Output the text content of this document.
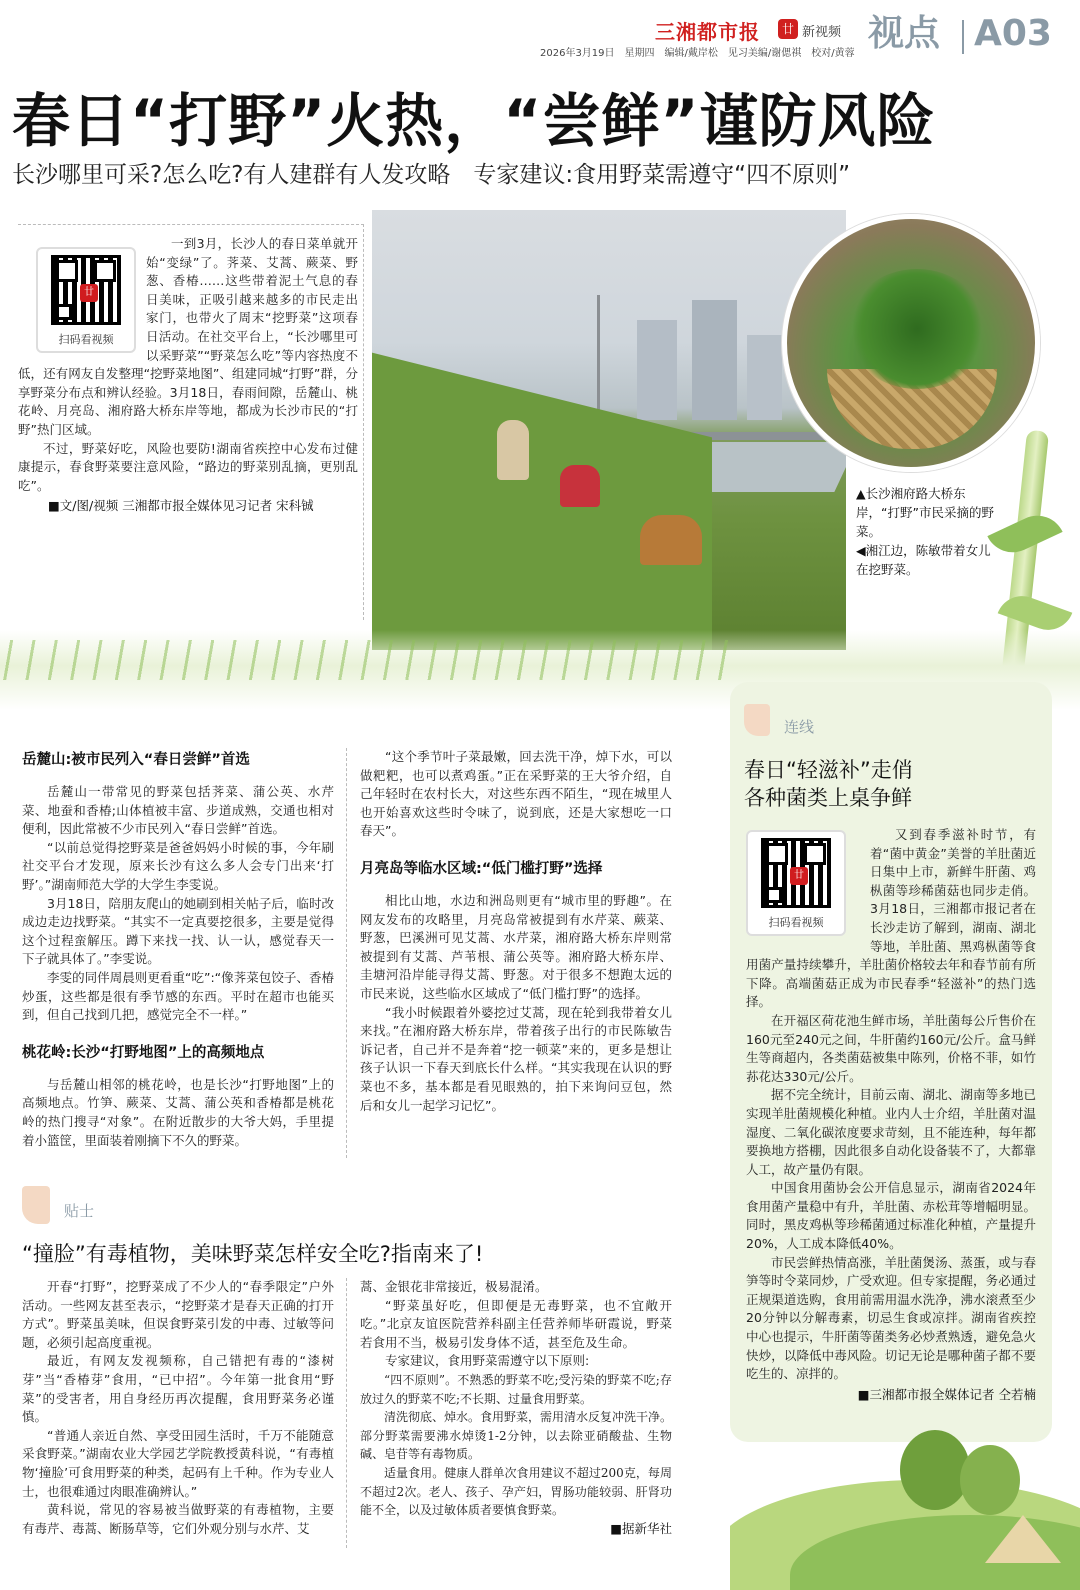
三湘都市报	廿 新视频
2026年3月19日　星期四　编辑/戴岸松　见习美编/谢偲祺　校对/黄蓉 视点 A03
春日“打野”火热，“尝鲜”谨防风险
长沙哪里可采?怎么吃?有人建群有人发攻略　专家建议:食用野菜需遵守“四不原则”
廿
扫码看视频

一到3月，长沙人的春日菜单就开始“变绿”了。荠菜、艾蒿、蕨菜、野葱、香椿……这些带着泥土气息的春日美味，正吸引越来越多的市民走出家门，也带火了周末“挖野菜”这项春日活动。在社交平台上，“长沙哪里可以采野菜”“野菜怎么吃”等内容热度不低，还有网友自发整理“挖野菜地图”、组建同城“打野”群，分享野菜分布点和辨认经验。3月18日，春雨间隙，岳麓山、桃花岭、月亮岛、湘府路大桥东岸等地，都成为长沙市民的“打野”热门区域。

不过，野菜好吃，风险也要防!湖南省疾控中心发布过健康提示，春食野菜要注意风险，“路边的野菜别乱摘，更别乱吃”。

■文/图/视频 三湘都市报全媒体见习记者 宋科铖
▲长沙湘府路大桥东岸，“打野”市民采摘的野菜。
◀湘江边，陈敏带着女儿在挖野菜。
岳麓山:被市民列入“春日尝鲜”首选

岳麓山一带常见的野菜包括荠菜、蒲公英、水芹菜、地蚕和香椿;山体植被丰富、步道成熟，交通也相对便利，因此常被不少市民列入“春日尝鲜”首选。

“以前总觉得挖野菜是爸爸妈妈小时候的事，今年刷社交平台才发现，原来长沙有这么多人会专门出来‘打野’。”湖南师范大学的大学生李雯说。

3月18日，陪朋友爬山的她刷到相关帖子后，临时改成边走边找野菜。“其实不一定真要挖很多，主要是觉得这个过程蛮解压。蹲下来找一找、认一认，感觉春天一下子就具体了。”李雯说。

李雯的同伴周晨则更看重“吃”:“像荠菜包饺子、香椿炒蛋，这些都是很有季节感的东西。平时在超市也能买到，但自己找到几把，感觉完全不一样。”

桃花岭:长沙“打野地图”上的高频地点

与岳麓山相邻的桃花岭，也是长沙“打野地图”上的高频地点。竹笋、蕨菜、艾蒿、蒲公英和香椿都是桃花岭的热门搜寻“对象”。在附近散步的大爷大妈，手里提着小篮筐，里面装着刚摘下不久的野菜。

“这个季节叶子菜最嫩，回去洗干净，焯下水，可以做粑粑，也可以煮鸡蛋。”正在采野菜的王大爷介绍，自己年轻时在农村长大，对这些东西不陌生，“现在城里人也开始喜欢这些时令味了，说到底，还是大家想吃一口春天”。

月亮岛等临水区域:“低门槛打野”选择

相比山地，水边和洲岛则更有“城市里的野趣”。在网友发布的攻略里，月亮岛常被提到有水芹菜、蕨菜、野葱，巴溪洲可见艾蒿、水芹菜，湘府路大桥东岸则常被提到有艾蒿、芦苇根、蒲公英等。湘府路大桥东岸、圭塘河沿岸能寻得艾蒿、野葱。对于很多不想跑太远的市民来说，这些临水区域成了“低门槛打野”的选择。

“我小时候跟着外婆挖过艾蒿，现在轮到我带着女儿来找。”在湘府路大桥东岸，带着孩子出行的市民陈敏告诉记者，自己并不是奔着“挖一顿菜”来的，更多是想让孩子认识一下春天到底长什么样。“其实我现在认识的野菜也不多，基本都是看见眼熟的，拍下来询问豆包，然后和女儿一起学习记忆”。

连线
春日“轻滋补”走俏
各种菌类上桌争鲜
廿
扫码看视频

又到春季滋补时节，有着“菌中黄金”美誉的羊肚菌近日集中上市，新鲜牛肝菌、鸡枞菌等珍稀菌菇也同步走俏。3月18日，三湘都市报记者在长沙走访了解到，湖南、湖北等地，羊肚菌、黑鸡枞菌等食用菌产量持续攀升，羊肚菌价格较去年和春节前有所下降。高端菌菇正成为市民春季“轻滋补”的热门选择。

在开福区荷花池生鲜市场，羊肚菌每公斤售价在160元至240元之间，牛肝菌约160元/公斤。盒马鲜生等商超内，各类菌菇被集中陈列，价格不菲，如竹荪花达330元/公斤。

据不完全统计，目前云南、湖北、湖南等多地已实现羊肚菌规模化种植。业内人士介绍，羊肚菌对温湿度、二氧化碳浓度要求苛刻，且不能连种，每年都要换地方搭棚，因此很多自动化设备装不了，大都靠人工，故产量仍有限。

中国食用菌协会公开信息显示，湖南省2024年食用菌产量稳中有升，羊肚菌、赤松茸等增幅明显。同时，黑皮鸡枞等珍稀菌通过标准化种植，产量提升20%，人工成本降低40%。

市民尝鲜热情高涨，羊肚菌煲汤、蒸蛋，或与春笋等时令菜同炒，广受欢迎。但专家提醒，务必通过正规渠道选购，食用前需用温水洗净，沸水滚煮至少20分钟以分解毒素，切忌生食或凉拌。湖南省疾控中心也提示，牛肝菌等菌类务必炒煮熟透，避免急火快炒，以降低中毒风险。切记无论是哪种菌子都不要吃生的、凉拌的。

■三湘都市报全媒体记者 仝若楠
贴士
“撞脸”有毒植物，美味野菜怎样安全吃?指南来了!

开春“打野”，挖野菜成了不少人的“春季限定”户外活动。一些网友甚至表示，“挖野菜才是春天正确的打开方式”。野菜虽美味，但误食野菜引发的中毒、过敏等问题，必须引起高度重视。

最近，有网友发视频称，自己错把有毒的“漆树芽”当“香椿芽”食用，“已中招”。今年第一批食用“野菜”的受害者，用自身经历再次提醒，食用野菜务必谨慎。

“普通人亲近自然、享受田园生活时，千万不能随意采食野菜。”湖南农业大学园艺学院教授黄科说，“有毒植物‘撞脸’可食用野菜的种类，起码有上千种。作为专业人士，也很难通过肉眼准确辨认。”

黄科说，常见的容易被当做野菜的有毒植物，主要有毒芹、毒蒿、断肠草等，它们外观分别与水芹、艾

蒿、金银花非常接近，极易混淆。

“野菜虽好吃，但即便是无毒野菜，也不宜敞开吃。”北京友谊医院营养科副主任营养师毕研霞说，野菜若食用不当，极易引发身体不适，甚至危及生命。

专家建议，食用野菜需遵守以下原则:

“四不原则”。不熟悉的野菜不吃;受污染的野菜不吃;存放过久的野菜不吃;不长期、过量食用野菜。

清洗彻底、焯水。食用野菜，需用清水反复冲洗干净。部分野菜需要沸水焯烫1-2分钟，以去除亚硝酸盐、生物碱、皂苷等有毒物质。

适量食用。健康人群单次食用建议不超过200克，每周不超过2次。老人、孩子、孕产妇，胃肠功能较弱、肝肾功能不全，以及过敏体质者要慎食野菜。

■据新华社
